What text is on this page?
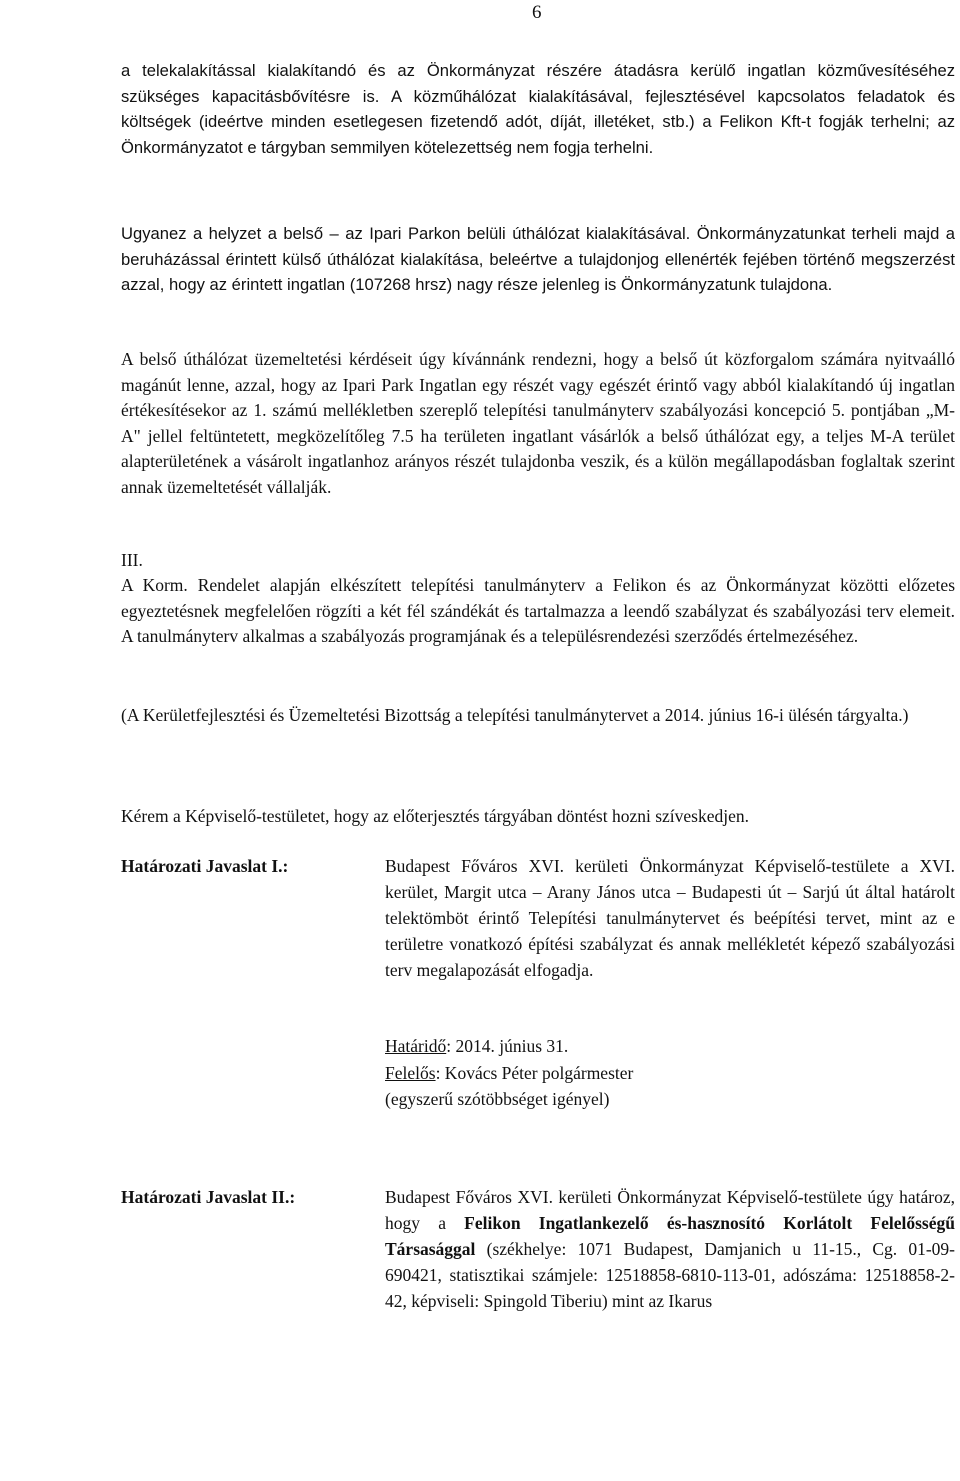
6

a telekalakítással kialakítandó és az Önkormányzat részére átadásra kerülő ingatlan közművesítéséhez szükséges kapacitásbővítésre is. A közműhálózat kialakításával, fejlesztésével kapcsolatos feladatok és költségek (ideértve minden esetlegesen fizetendő adót, díját, illetéket, stb.) a Felikon Kft-t fogják terhelni; az Önkormányzatot e tárgyban semmilyen kötelezettség nem fogja terhelni.

Ugyanez a helyzet a belső – az Ipari Parkon belüli úthálózat kialakításával. Önkormányzatunkat terheli majd a beruházással érintett külső úthálózat kialakítása, beleértve a tulajdonjog ellenérték fejében történő megszerzést azzal, hogy az érintett ingatlan (107268 hrsz) nagy része jelenleg is Önkormányzatunk tulajdona.

A belső úthálózat üzemeltetési kérdéseit úgy kívánnánk rendezni, hogy a belső út közforgalom számára nyitvaálló magánút lenne, azzal, hogy az Ipari Park Ingatlan egy részét vagy egészét érintő vagy abból kialakítandó új ingatlan értékesítésekor az 1. számú mellékletben szereplő telepítési tanulmányterv szabályozási koncepció 5. pontjában „M-A" jellel feltüntetett, megközelítőleg 7.5 ha területen ingatlant vásárlók a belső úthálózat egy, a teljes M-A terület alapterületének a vásárolt ingatlanhoz arányos részét tulajdonba veszik, és a külön megállapodásban foglaltak szerint annak üzemeltetését vállalják.

III.

A Korm. Rendelet alapján elkészített telepítési tanulmányterv a Felikon és az Önkormányzat közötti előzetes egyeztetésnek megfelelően rögzíti a két fél szándékát és tartalmazza a leendő szabályzat és szabályozási terv elemeit. A tanulmányterv alkalmas a szabályozás programjának és a településrendezési szerződés értelmezéséhez.

(A Kerületfejlesztési és Üzemeltetési Bizottság a telepítési tanulmánytervet a 2014. június 16-i ülésén tárgyalta.)

Kérem a Képviselő-testületet, hogy az előterjesztés tárgyában döntést hozni szíveskedjen.

Határozati Javaslat I.:	Budapest Főváros XVI. kerületi Önkormányzat Képviselő-testülete a XVI. kerület, Margit utca – Arany János utca – Budapesti út – Sarjú út által határolt telektömböt érintő Telepítési tanulmánytervet és beépítési tervet, mint az e területre vonatkozó építési szabályzat és annak mellékletét képező szabályozási terv megalapozását elfogadja.
Határidő: 2014. június 31.
Felelős: Kovács Péter polgármester
(egyszerű szótöbbséget igényel)
Határozati Javaslat II.:	Budapest Főváros XVI. kerületi Önkormányzat Képviselő-testülete úgy határoz, hogy a Felikon Ingatlankezelő és-hasznosító Korlátolt Felelősségű Társasággal (székhelye: 1071 Budapest, Damjanich u 11-15., Cg. 01-09-690421, statisztikai számjele: 12518858-6810-113-01, adószáma: 12518858-2-42, képviseli: Spingold Tiberiu) mint az Ikarus
